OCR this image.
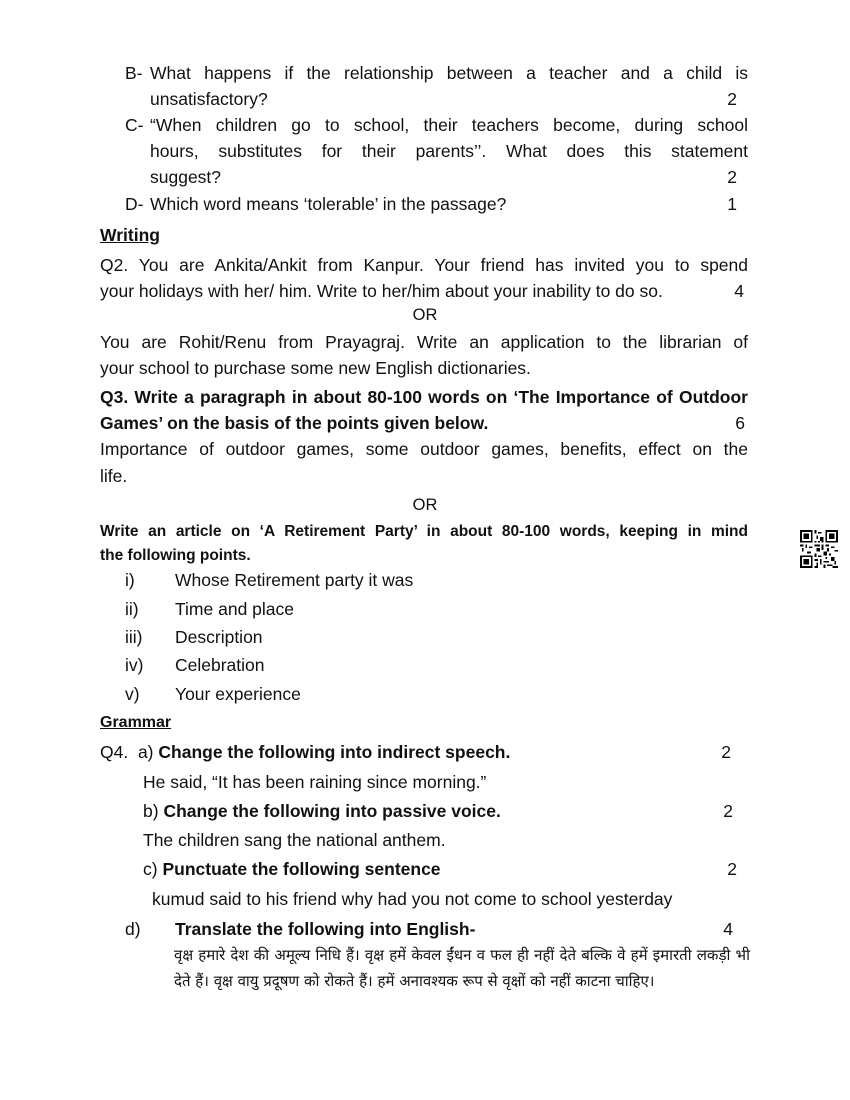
B- What happens if the relationship between a teacher and a child is
unsatisfactory?	2
C- “When children go to school, their teachers become, during school
hours, substitutes for their parents’’. What does this statement
suggest?	2
D- Which word means ‘tolerable’ in the passage?	1
Writing
Q2. You are Ankita/Ankit from Kanpur. Your friend has invited you to spend
your holidays with her/ him. Write to her/him about your inability to do so.	4
OR
You are Rohit/Renu from Prayagraj. Write an application to the librarian of
your school to purchase some new English dictionaries.
Q3. Write a paragraph in about 80-100 words on ‘The Importance of Outdoor
Games’ on the basis of the points given below.	6
Importance of outdoor games, some outdoor games, benefits, effect on the
life.
OR
Write an article on ‘A Retirement Party’ in about 80-100 words, keeping in mind
the following points.
i) Whose Retirement party it was
ii) Time and place
iii) Description
iv) Celebration
v) Your experience
Grammar
Q4. a) Change the following into indirect speech.	2
He said, “It has been raining since morning.”
b) Change the following into passive voice.	2
The children sang the national anthem.
c) Punctuate the following sentence	2
kumud said to his friend why had you not come to school yesterday
d) Translate the following into English-	4
वृक्ष हमारे देश की अमूल्य निधि हैं। वृक्ष हमें केवल ईंधन व फल ही नहीं देते बल्कि वे हमें इमारती लकड़ी भी देते हैं। वृक्ष वायु प्रदूषण को रोकते हैं। हमें अनावश्यक रूप से वृक्षों को नहीं काटना चाहिए।
